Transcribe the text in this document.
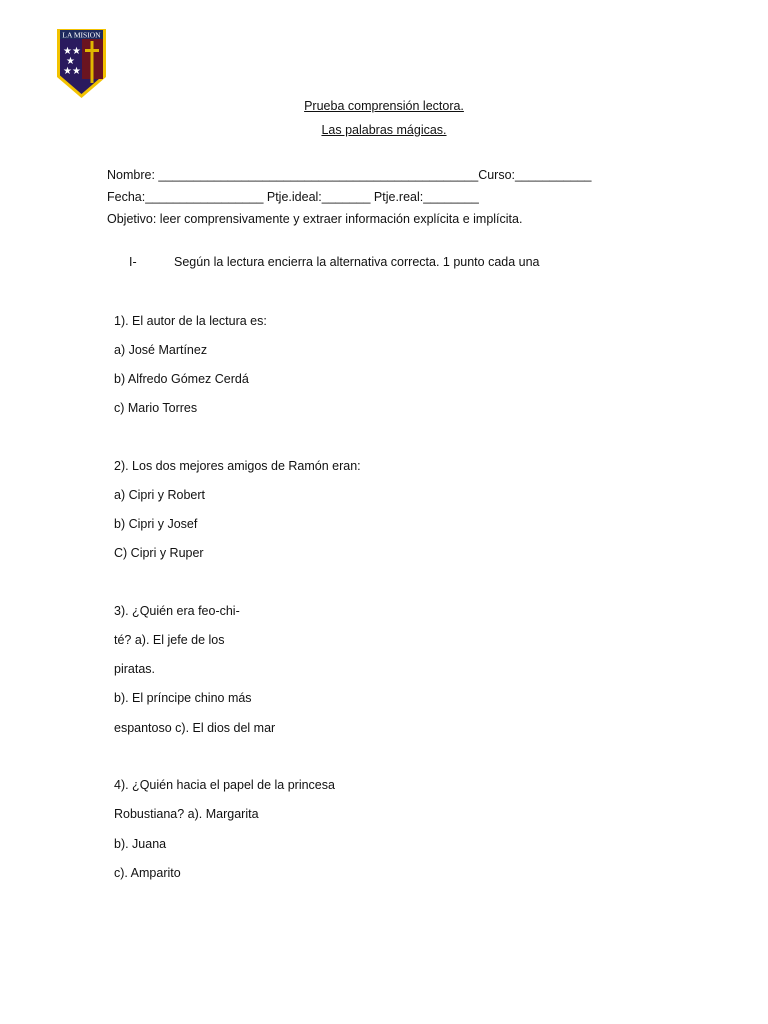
LA MISION
★★
★★
★
Prueba comprensión lectora.
Las palabras mágicas.
Nombre: ______________________________________________Curso:___________
Fecha:_________________ Ptje.ideal:_______ Ptje.real:________
Objetivo: leer comprensivamente y extraer información explícita e implícita.
I-	Según la lectura encierra la alternativa correcta. 1 punto cada una
1). El autor de la lectura es:
a) José Martínez
b) Alfredo Gómez Cerdá
c) Mario Torres
2). Los dos mejores amigos de Ramón eran:
a) Cipri y Robert
b) Cipri y Josef
C) Cipri y Ruper
3). ¿Quién era feo-chi-
té? a). El jefe de los
piratas.
b). El príncipe chino más
espantoso c). El dios del mar
4). ¿Quién hacia el papel de la princesa
Robustiana? a). Margarita
b). Juana
c). Amparito
